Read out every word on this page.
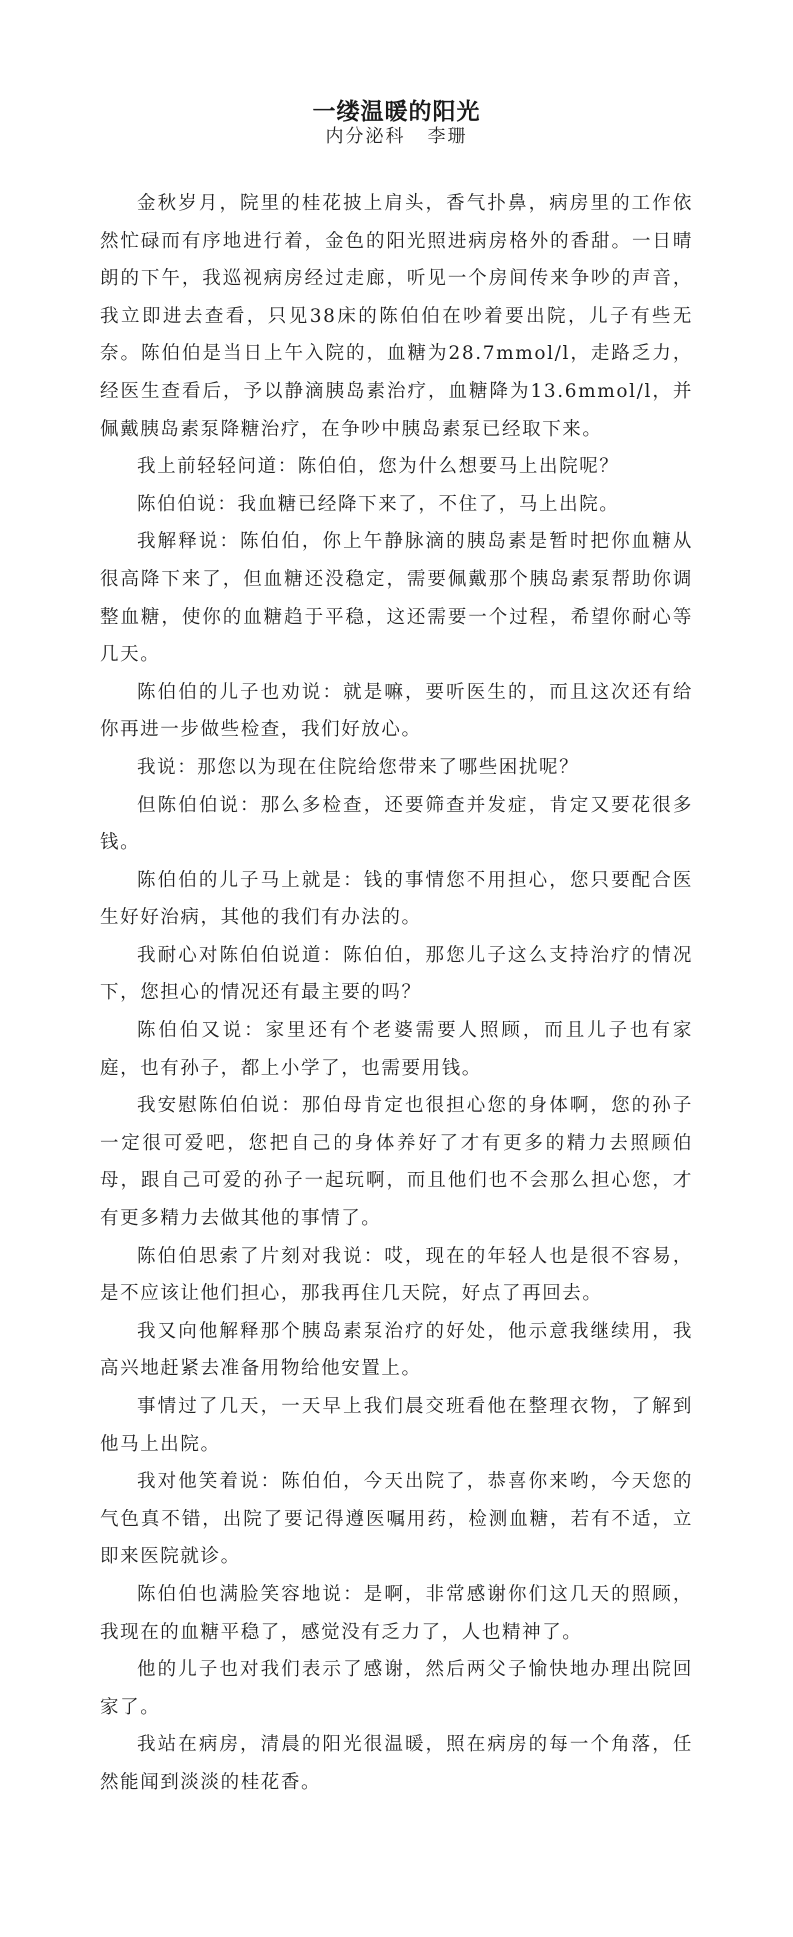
一缕温暖的阳光
内分泌科 李珊

金秋岁月，院里的桂花披上肩头，香气扑鼻，病房里的工作依然忙碌而有序地进行着，金色的阳光照进病房格外的香甜。一日晴朗的下午，我巡视病房经过走廊，听见一个房间传来争吵的声音，我立即进去查看，只见38床的陈伯伯在吵着要出院，儿子有些无奈。陈伯伯是当日上午入院的，血糖为28.7mmol/l，走路乏力，经医生查看后，予以静滴胰岛素治疗，血糖降为13.6mmol/l，并佩戴胰岛素泵降糖治疗，在争吵中胰岛素泵已经取下来。

我上前轻轻问道：陈伯伯，您为什么想要马上出院呢？

陈伯伯说：我血糖已经降下来了，不住了，马上出院。

我解释说：陈伯伯，你上午静脉滴的胰岛素是暂时把你血糖从很高降下来了，但血糖还没稳定，需要佩戴那个胰岛素泵帮助你调整血糖，使你的血糖趋于平稳，这还需要一个过程，希望你耐心等几天。

陈伯伯的儿子也劝说：就是嘛，要听医生的，而且这次还有给你再进一步做些检查，我们好放心。

我说：那您以为现在住院给您带来了哪些困扰呢？

但陈伯伯说：那么多检查，还要筛查并发症，肯定又要花很多钱。

陈伯伯的儿子马上就是：钱的事情您不用担心，您只要配合医生好好治病，其他的我们有办法的。

我耐心对陈伯伯说道：陈伯伯，那您儿子这么支持治疗的情况下，您担心的情况还有最主要的吗？

陈伯伯又说：家里还有个老婆需要人照顾，而且儿子也有家庭，也有孙子，都上小学了，也需要用钱。

我安慰陈伯伯说：那伯母肯定也很担心您的身体啊，您的孙子一定很可爱吧，您把自己的身体养好了才有更多的精力去照顾伯母，跟自己可爱的孙子一起玩啊，而且他们也不会那么担心您，才有更多精力去做其他的事情了。

陈伯伯思索了片刻对我说：哎，现在的年轻人也是很不容易，是不应该让他们担心，那我再住几天院，好点了再回去。

我又向他解释那个胰岛素泵治疗的好处，他示意我继续用，我高兴地赶紧去准备用物给他安置上。

事情过了几天，一天早上我们晨交班看他在整理衣物，了解到他马上出院。

我对他笑着说：陈伯伯，今天出院了，恭喜你来哟，今天您的气色真不错，出院了要记得遵医嘱用药，检测血糖，若有不适，立即来医院就诊。

陈伯伯也满脸笑容地说：是啊，非常感谢你们这几天的照顾，我现在的血糖平稳了，感觉没有乏力了，人也精神了。

他的儿子也对我们表示了感谢，然后两父子愉快地办理出院回家了。

我站在病房，清晨的阳光很温暖，照在病房的每一个角落，任然能闻到淡淡的桂花香。
